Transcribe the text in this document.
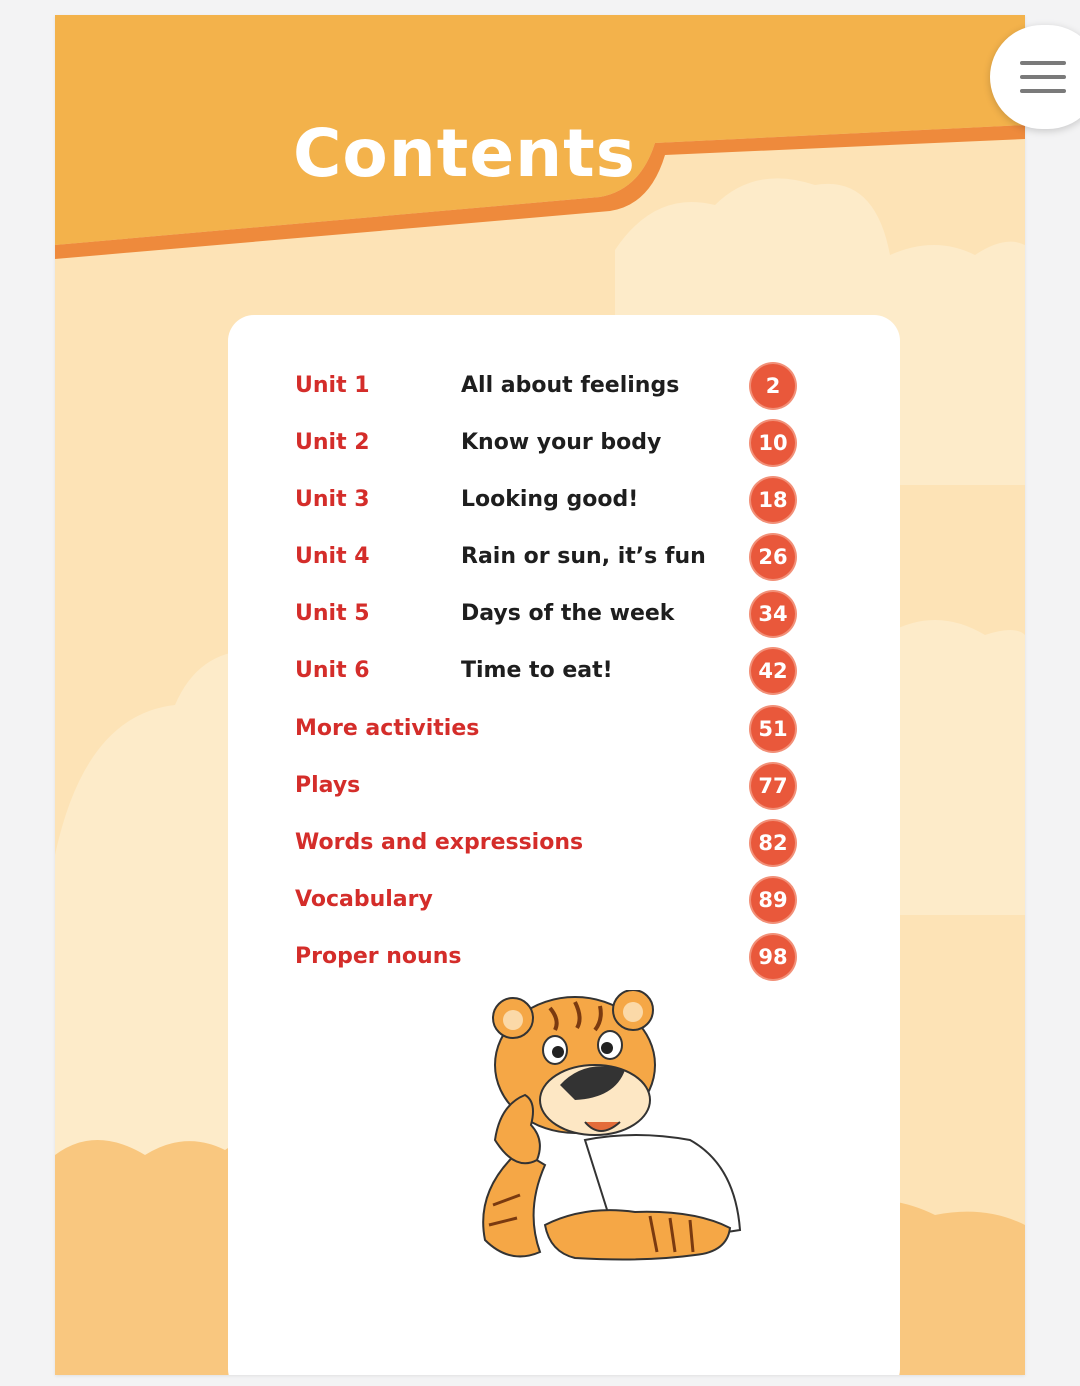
Contents
Unit 1	All about feelings	2
Unit 2	Know your body	10
Unit 3	Looking good!	18
Unit 4	Rain or sun, it’s fun	26
Unit 5	Days of the week	34
Unit 6	Time to eat!	42
More activities	51
Plays	77
Words and expressions	82
Vocabulary	89
Proper nouns	98
